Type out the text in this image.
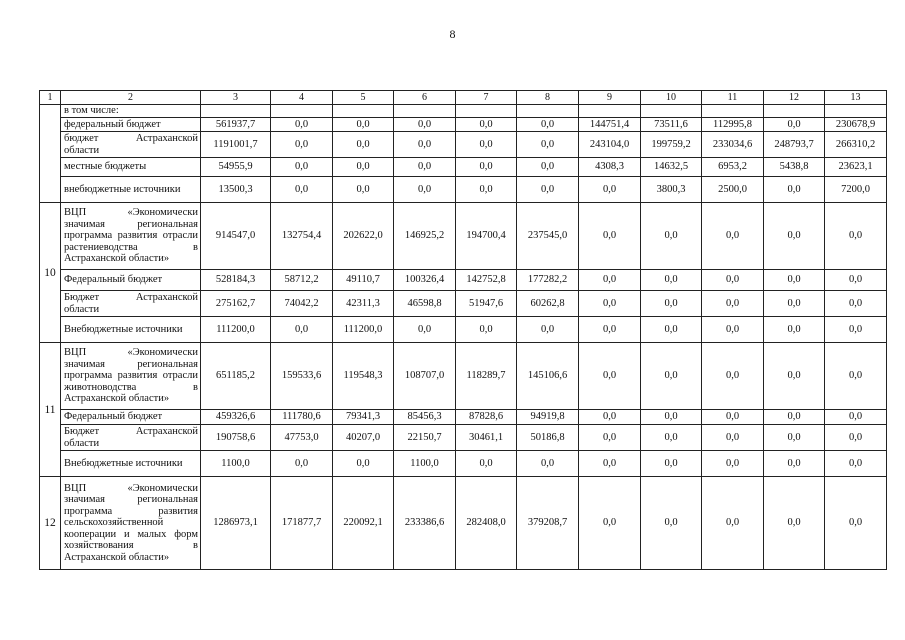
8
1	2	3	4	5	6	7	8	9	10	11	12	13
	в том числе:											
	федеральный бюджет	561937,7	0,0	0,0	0,0	0,0	0,0	144751,4	73511,6	112995,8	0,0	230678,9
	бюджет Астраханской области	1191001,7	0,0	0,0	0,0	0,0	0,0	243104,0	199759,2	233034,6	248793,7	266310,2
	местные бюджеты	54955,9	0,0	0,0	0,0	0,0	0,0	4308,3	14632,5	6953,2	5438,8	23623,1
	внебюджетные источники	13500,3	0,0	0,0	0,0	0,0	0,0	0,0	3800,3	2500,0	0,0	7200,0
10	ВЦП «Экономически значимая региональная программа развития отрасли растениеводства в Астраханской области»	914547,0	132754,4	202622,0	146925,2	194700,4	237545,0	0,0	0,0	0,0	0,0	0,0
	Федеральный бюджет	528184,3	58712,2	49110,7	100326,4	142752,8	177282,2	0,0	0,0	0,0	0,0	0,0
	Бюджет Астраханской области	275162,7	74042,2	42311,3	46598,8	51947,6	60262,8	0,0	0,0	0,0	0,0	0,0
	Внебюджетные источники	111200,0	0,0	111200,0	0,0	0,0	0,0	0,0	0,0	0,0	0,0	0,0
11	ВЦП «Экономически значимая региональная программа развития отрасли животноводства в Астраханской области»	651185,2	159533,6	119548,3	108707,0	118289,7	145106,6	0,0	0,0	0,0	0,0	0,0
	Федеральный бюджет	459326,6	111780,6	79341,3	85456,3	87828,6	94919,8	0,0	0,0	0,0	0,0	0,0
	Бюджет Астраханской области	190758,6	47753,0	40207,0	22150,7	30461,1	50186,8	0,0	0,0	0,0	0,0	0,0
	Внебюджетные источники	1100,0	0,0	0,0	1100,0	0,0	0,0	0,0	0,0	0,0	0,0	0,0
12	ВЦП «Экономически значимая региональная программа развития сельскохозяйственной кооперации и малых форм хозяйствования в Астраханской области»	1286973,1	171877,7	220092,1	233386,6	282408,0	379208,7	0,0	0,0	0,0	0,0	0,0
